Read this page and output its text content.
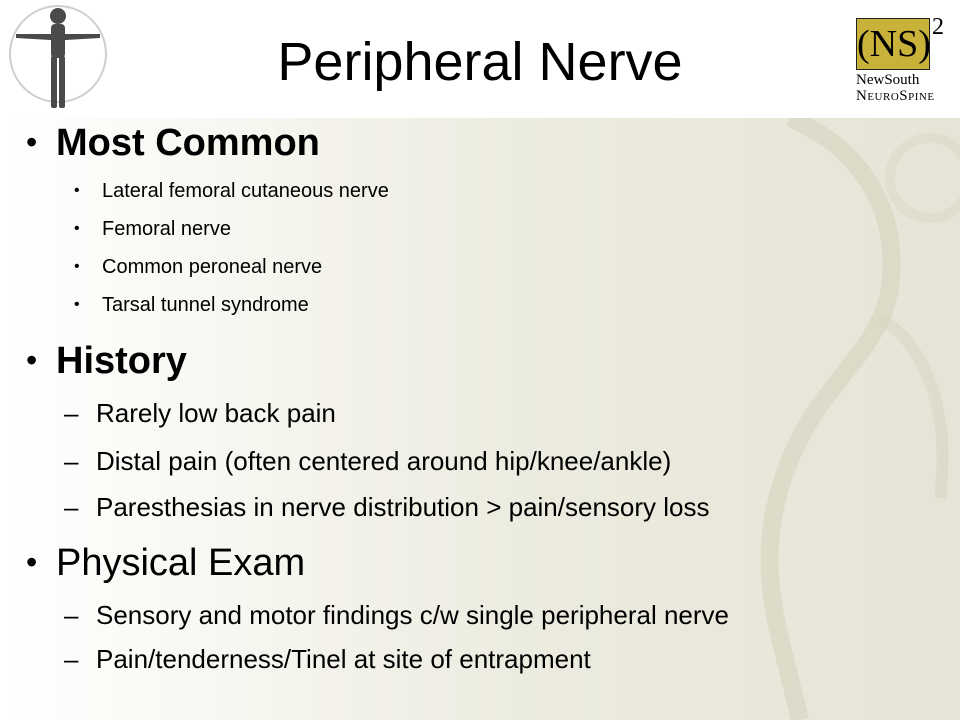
Peripheral Nerve	(NS) 2
NewSouth
NeuroSpine
• Most Common
• Lateral femoral cutaneous nerve
• Femoral nerve
• Common peroneal nerve
• Tarsal tunnel syndrome
• History
– Rarely low back pain
– Distal pain (often centered around hip/knee/ankle)
– Paresthesias in nerve distribution > pain/sensory loss
• Physical Exam
– Sensory and motor findings c/w single peripheral nerve
– Pain/tenderness/Tinel at site of entrapment
